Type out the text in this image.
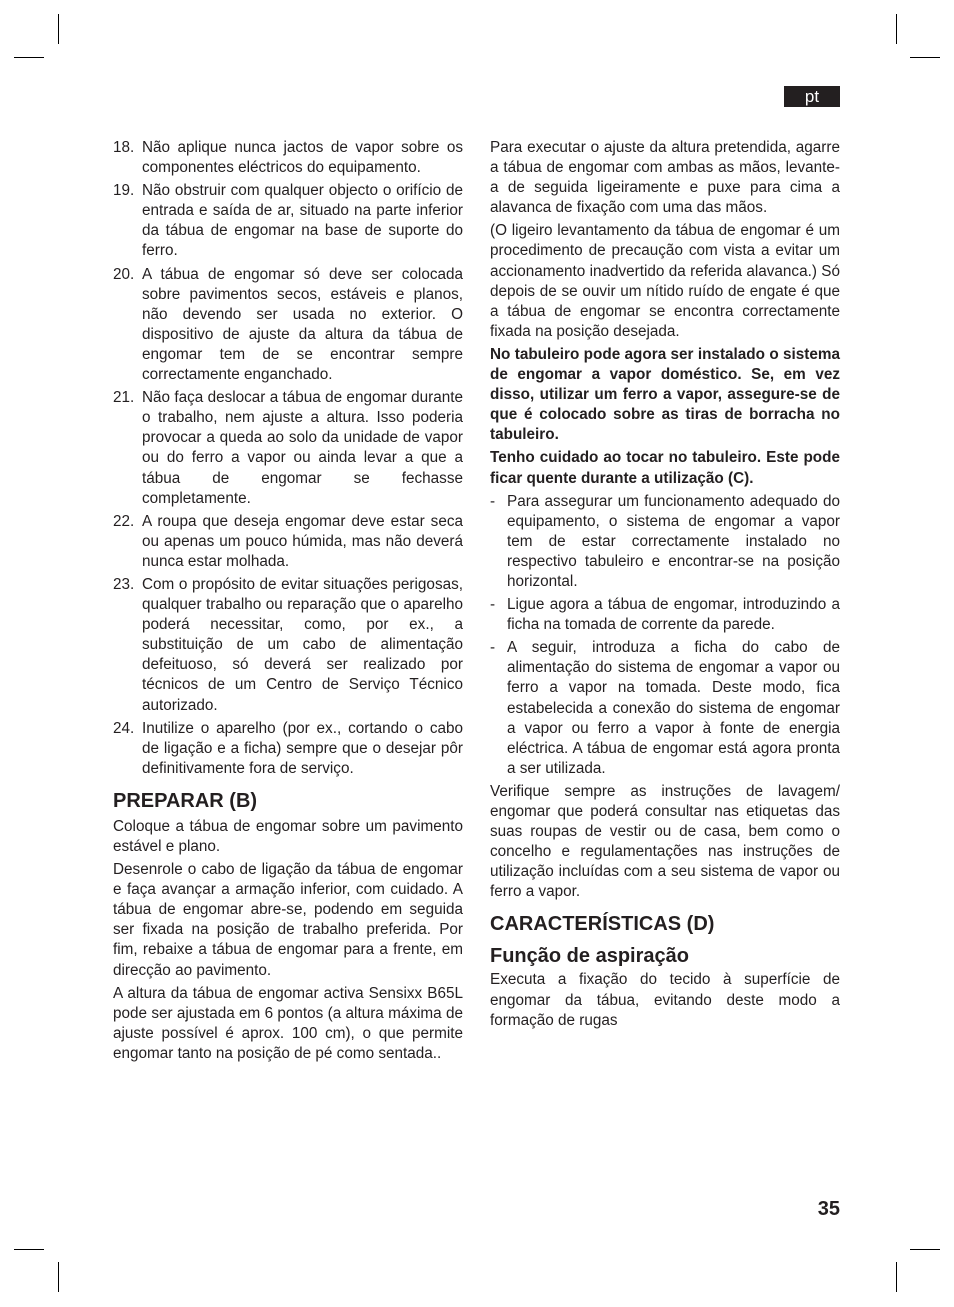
pt
18. Não aplique nunca jactos de vapor sobre os componentes eléctricos do equipamento.
19. Não obstruir com qualquer objecto o orifício de entrada e saída de ar, situado na parte inferior da tábua de engomar na base de suporte do ferro.
20. A tábua de engomar só deve ser colocada sobre pavimentos secos, estáveis e planos, não devendo ser usada no exterior. O dispositivo de ajuste da altura da tábua de engomar tem de se encontrar sempre correctamente enganchado.
21. Não faça deslocar a tábua de engomar durante o trabalho, nem ajuste a altura. Isso poderia provocar a queda ao solo da unidade de vapor ou do ferro a vapor ou ainda levar a que a tábua de engomar se fechasse completamente.
22. A roupa que deseja engomar deve estar seca ou apenas um pouco húmida, mas não deverá nunca estar molhada.
23. Com o propósito de evitar situações perigosas, qualquer trabalho ou reparação que o aparelho poderá necessitar, como, por ex., a substituição de um cabo de alimentação defeituoso, só deverá ser realizado por técnicos de um Centro de Serviço Técnico autorizado.
24. Inutilize o aparelho (por ex., cortando o cabo de ligação e a ficha) sempre que o desejar pôr definitivamente fora de serviço.
PREPARAR (B)

Coloque a tábua de engomar sobre um pavimento estável e plano.

Desenrole o cabo de ligação da tábua de engomar e faça avançar a armação inferior, com cuidado. A tábua de engomar abre-se, podendo em seguida ser fixada na posição de trabalho preferida. Por fim, rebaixe a tábua de engomar para a frente, em direcção ao pavimento.

A altura da tábua de engomar activa Sensixx B65L pode ser ajustada em 6 pontos (a altura máxima de ajuste possível é aprox. 100 cm), o que permite engomar tanto na posição de pé como sentada..

Para executar o ajuste da altura pretendida, agarre a tábua de engomar com ambas as mãos, levante-a de seguida ligeiramente e puxe para cima a alavanca de fixação com uma das mãos.

(O ligeiro levantamento da tábua de engomar é um procedimento de precaução com vista a evitar um accionamento inadvertido da referida alavanca.) Só depois de se ouvir um nítido ruído de engate é que a tábua de engomar se encontra correctamente fixada na posição desejada.

No tabuleiro pode agora ser instalado o sistema de engomar a vapor doméstico. Se, em vez disso, utilizar um ferro a vapor, assegure-se de que é colocado sobre as tiras de borracha no tabuleiro.

Tenho cuidado ao tocar no tabuleiro. Este pode ficar quente durante a utilização (C).

- Para assegurar um funcionamento adequado do equipamento, o sistema de engomar a vapor tem de estar correctamente instalado no respectivo tabuleiro e encontrar-se na posição horizontal.
- Ligue agora a tábua de engomar, introduzindo a ficha na tomada de corrente da parede.
- A seguir, introduza a ficha do cabo de alimentação do sistema de engomar a vapor ou ferro a vapor na tomada. Deste modo, fica estabelecida a conexão do sistema de engomar a vapor ou ferro a vapor à fonte de energia eléctrica. A tábua de engomar está agora pronta a ser utilizada.

Verifique sempre as instruções de lavagem/ engomar que poderá consultar nas etiquetas das suas roupas de vestir ou de casa, bem como o concelho e regulamentações nas instruções de utilização incluídas com a seu sistema de vapor ou ferro a vapor.

CARACTERÍSTICAS (D)
Função de aspiração

Executa a fixação do tecido à superfície de engomar da tábua, evitando deste modo a formação de rugas

35
